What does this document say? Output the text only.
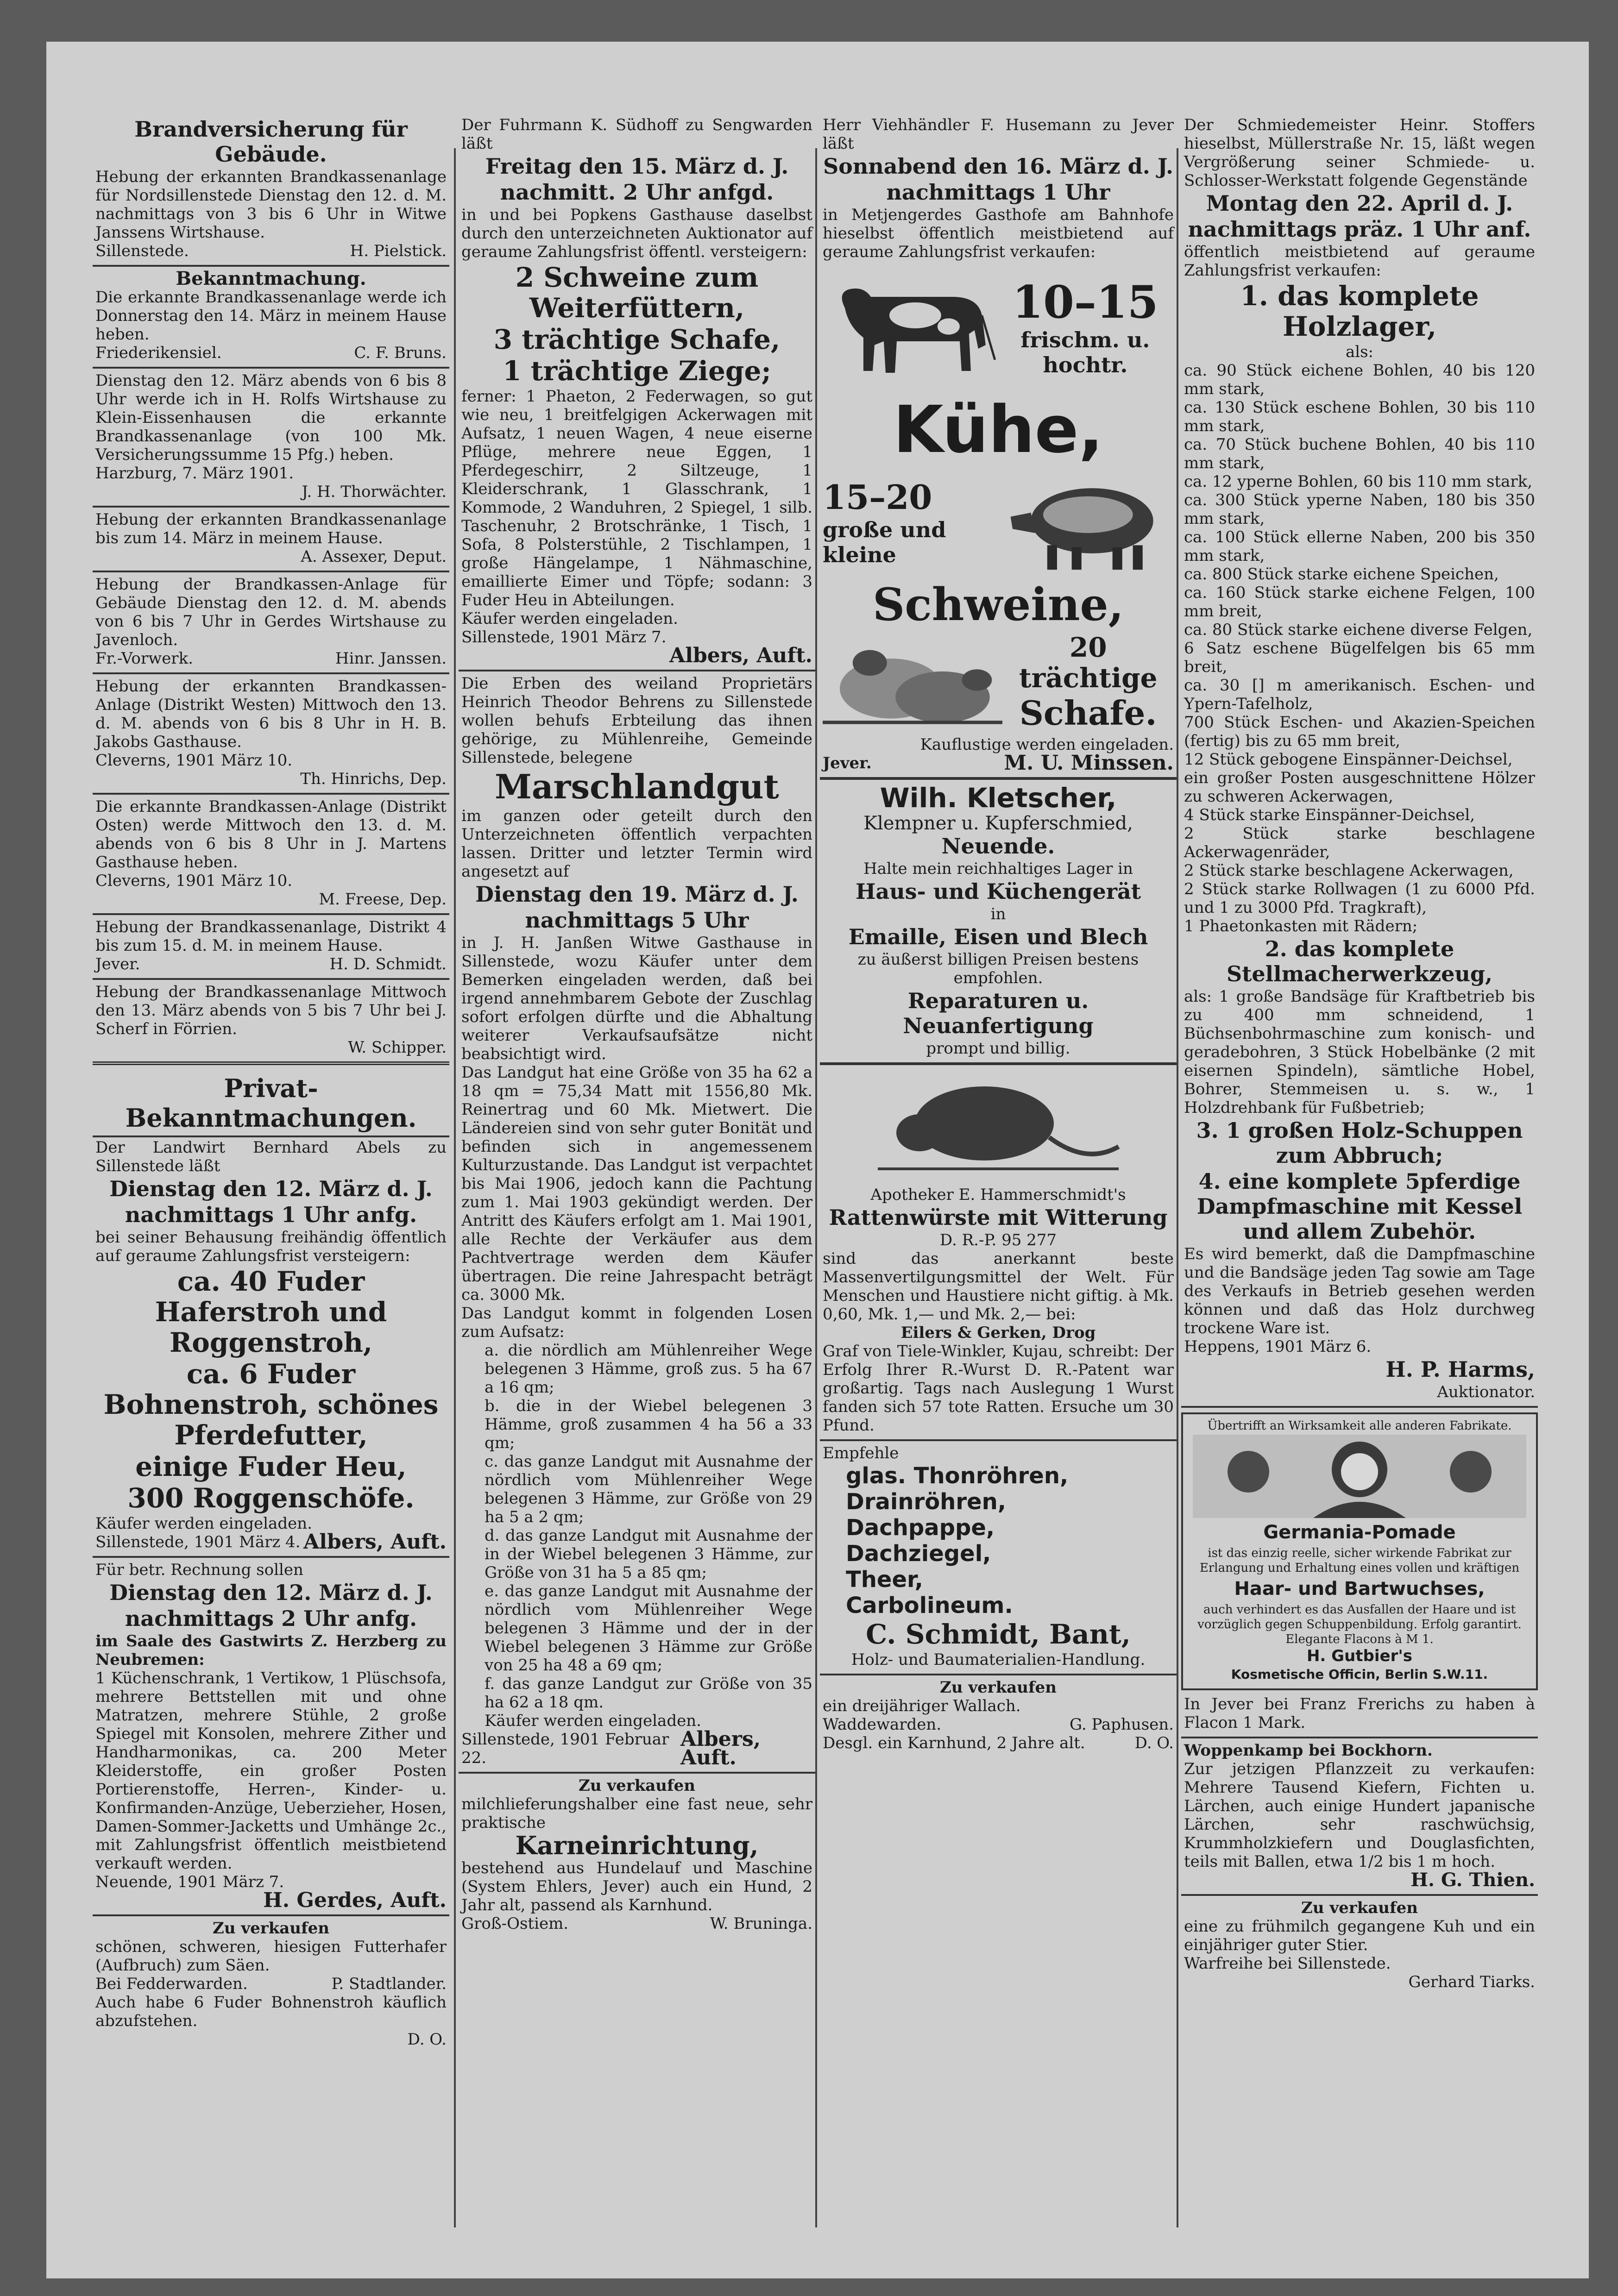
Brandversicherung für Gebäude.

Hebung der erkannten Brandkassenanlage für Nordsillenstede Dienstag den 12. d. M. nachmittags von 3 bis 6 Uhr in Witwe Janssens Wirtshause.

Sillenstede.	H. Pielstick.

Bekanntmachung.

Die erkannte Brandkassenanlage werde ich Donnerstag den 14. März in meinem Hause heben.

Friederikensiel.	C. F. Bruns.

Dienstag den 12. März abends von 6 bis 8 Uhr werde ich in H. Rolfs Wirtshause zu Klein-Eissenhausen die erkannte Brandkassenanlage (von 100 Mk. Versicherungssumme 15 Pfg.) heben.

Harzburg, 7. März 1901.

J. H. Thorwächter.

Hebung der erkannten Brandkassenanlage bis zum 14. März in meinem Hause.

A. Assexer, Deput.

Hebung der Brandkassen-Anlage für Gebäude Dienstag den 12. d. M. abends von 6 bis 7 Uhr in Gerdes Wirtshause zu Javenloch.

Fr.-Vorwerk.	Hinr. Janssen.

Hebung der erkannten Brandkassen-Anlage (Distrikt Westen) Mittwoch den 13. d. M. abends von 6 bis 8 Uhr in H. B. Jakobs Gasthause.

Cleverns, 1901 März 10.

Th. Hinrichs, Dep.

Die erkannte Brandkassen-Anlage (Distrikt Osten) werde Mittwoch den 13. d. M. abends von 6 bis 8 Uhr in J. Martens Gasthause heben.

Cleverns, 1901 März 10.

M. Freese, Dep.

Hebung der Brandkassenanlage, Distrikt 4 bis zum 15. d. M. in meinem Hause.

Jever.	H. D. Schmidt.

Hebung der Brandkassenanlage Mittwoch den 13. März abends von 5 bis 7 Uhr bei J. Scherf in Förrien.

W. Schipper.

Privat-Bekanntmachungen.

Der Landwirt Bernhard Abels zu Sillenstede läßt

Dienstag den 12. März d. J.

nachmittags 1 Uhr anfg.

bei seiner Behausung freihändig öffentlich auf geraume Zahlungsfrist versteigern:

ca. 40 Fuder Haferstroh und Roggenstroh,

ca. 6 Fuder Bohnenstroh, schönes Pferdefutter,

einige Fuder Heu,

300 Roggenschöfe.

Käufer werden eingeladen.

Sillenstede, 1901 März 4. Albers, Auft.

Für betr. Rechnung sollen

Dienstag den 12. März d. J.

nachmittags 2 Uhr anfg.

im Saale des Gastwirts Z. Herzberg zu Neubremen:

1 Küchenschrank, 1 Vertikow, 1 Plüschsofa, mehrere Bettstellen mit und ohne Matratzen, mehrere Stühle, 2 große Spiegel mit Konsolen, mehrere Zither und Handharmonikas, ca. 200 Meter Kleiderstoffe, ein großer Posten Portierenstoffe, Herren-, Kinder- u. Konfirmanden-Anzüge, Ueberzieher, Hosen, Damen-Sommer-Jacketts und Umhänge 2c., mit Zahlungsfrist öffentlich meistbietend verkauft werden.

Neuende, 1901 März 7.

H. Gerdes, Auft.

Zu verkaufen

schönen, schweren, hiesigen Futterhafer (Aufbruch) zum Säen.

Bei Fedderwarden.	P. Stadtlander.

Auch habe 6 Fuder Bohnenstroh käuflich abzufstehen.

D. O.

Der Fuhrmann K. Südhoff zu Sengwarden läßt

Freitag den 15. März d. J.

nachmitt. 2 Uhr anfgd.

in und bei Popkens Gasthause daselbst durch den unterzeichneten Auktionator auf geraume Zahlungsfrist öffentl. versteigern:

2 Schweine zum Weiterfüttern,

3 trächtige Schafe,

1 trächtige Ziege;

ferner: 1 Phaeton, 2 Federwagen, so gut wie neu, 1 breitfelgigen Ackerwagen mit Aufsatz, 1 neuen Wagen, 4 neue eiserne Pflüge, mehrere neue Eggen, 1 Pferdegeschirr, 2 Siltzeuge, 1 Kleiderschrank, 1 Glasschrank, 1 Kommode, 2 Wanduhren, 2 Spiegel, 1 silb. Taschenuhr, 2 Brotschränke, 1 Tisch, 1 Sofa, 8 Polsterstühle, 2 Tischlampen, 1 große Hängelampe, 1 Nähmaschine, emaillierte Eimer und Töpfe; sodann: 3 Fuder Heu in Abteilungen.

Käufer werden eingeladen.

Sillenstede, 1901 März 7.

Albers, Auft.

Die Erben des weiland Proprietärs Heinrich Theodor Behrens zu Sillenstede wollen behufs Erbteilung das ihnen gehörige, zu Mühlenreihe, Gemeinde Sillenstede, belegene

Marschlandgut

im ganzen oder geteilt durch den Unterzeichneten öffentlich verpachten lassen. Dritter und letzter Termin wird angesetzt auf

Dienstag den 19. März d. J.

nachmittags 5 Uhr

in J. H. Janßen Witwe Gasthause in Sillenstede, wozu Käufer unter dem Bemerken eingeladen werden, daß bei irgend annehmbarem Gebote der Zuschlag sofort erfolgen dürfte und die Abhaltung weiterer Verkaufsaufsätze nicht beabsichtigt wird.

Das Landgut hat eine Größe von 35 ha 62 a 18 qm = 75,34 Matt mit 1556,80 Mk. Reinertrag und 60 Mk. Mietwert. Die Ländereien sind von sehr guter Bonität und befinden sich in angemessenem Kulturzustande. Das Landgut ist verpachtet bis Mai 1906, jedoch kann die Pachtung zum 1. Mai 1903 gekündigt werden. Der Antritt des Käufers erfolgt am 1. Mai 1901, alle Rechte der Verkäufer aus dem Pachtvertrage werden dem Käufer übertragen. Die reine Jahrespacht beträgt ca. 3000 Mk.

Das Landgut kommt in folgenden Losen zum Aufsatz:

a. die nördlich am Mühlenreiher Wege belegenen 3 Hämme, groß zus. 5 ha 67 a 16 qm;

b. die in der Wiebel belegenen 3 Hämme, groß zusammen 4 ha 56 a 33 qm;

c. das ganze Landgut mit Ausnahme der nördlich vom Mühlenreiher Wege belegenen 3 Hämme, zur Größe von 29 ha 5 a 2 qm;

d. das ganze Landgut mit Ausnahme der in der Wiebel belegenen 3 Hämme, zur Größe von 31 ha 5 a 85 qm;

e. das ganze Landgut mit Ausnahme der nördlich vom Mühlenreiher Wege belegenen 3 Hämme und der in der Wiebel belegenen 3 Hämme zur Größe von 25 ha 48 a 69 qm;

f. das ganze Landgut zur Größe von 35 ha 62 a 18 qm.

Käufer werden eingeladen.

Sillenstede, 1901 Februar 22.
Albers, Auft.

Zu verkaufen

milchlieferungshalber eine fast neue, sehr praktische

Karneinrichtung,

bestehend aus Hundelauf und Maschine (System Ehlers, Jever) auch ein Hund, 2 Jahr alt, passend als Karnhund.

Groß-Ostiem.	W. Bruninga.

Herr Viehhändler F. Husemann zu Jever läßt

Sonnabend den 16. März d. J.

nachmittags 1 Uhr

in Metjengerdes Gasthofe am Bahnhofe hieselbst öffentlich meistbietend auf geraume Zahlungsfrist verkaufen:

10–15

frischm. u. hochtr.

Kühe,

15–20

große und kleine

Schweine,

20 trächtige

Schafe.

Kauflustige werden eingeladen.

Jever.	M. U. Minssen.

Wilh. Kletscher,

Klempner u. Kupferschmied,

Neuende.

Halte mein reichhaltiges Lager in

Haus- und Küchengerät

in

Emaille, Eisen und Blech

zu äußerst billigen Preisen bestens empfohlen.

Reparaturen u. Neuanfertigung

prompt und billig.

Apotheker E. Hammerschmidt's

Rattenwürste mit Witterung

D. R.-P. 95 277

sind das anerkannt beste Massenvertilgungsmittel der Welt. Für Menschen und Haustiere nicht giftig. à Mk. 0,60, Mk. 1,— und Mk. 2,— bei:

Eilers & Gerken, Drog

Graf von Tiele-Winkler, Kujau, schreibt: Der Erfolg Ihrer R.-Wurst D. R.-Patent war großartig. Tags nach Auslegung 1 Wurst fanden sich 57 tote Ratten. Ersuche um 30 Pfund.

Empfehle

glas. Thonröhren,

Drainröhren,

Dachpappe,

Dachziegel,

Theer,

Carbolineum.

C. Schmidt, Bant,

Holz- und Baumaterialien-Handlung.

Zu verkaufen

ein dreijähriger Wallach.

Waddewarden.	G. Paphusen.
Desgl. ein Karnhund, 2 Jahre alt.	D. O.

Der Schmiedemeister Heinr. Stoffers hieselbst, Müllerstraße Nr. 15, läßt wegen Vergrößerung seiner Schmiede- u. Schlosser-Werkstatt folgende Gegenstände

Montag den 22. April d. J.

nachmittags präz. 1 Uhr anf.

öffentlich meistbietend auf geraume Zahlungsfrist verkaufen:

1. das komplete Holzlager,

als:

ca. 90 Stück eichene Bohlen, 40 bis 120 mm stark,

ca. 130 Stück eschene Bohlen, 30 bis 110 mm stark,

ca. 70 Stück buchene Bohlen, 40 bis 110 mm stark,

ca. 12 yperne Bohlen, 60 bis 110 mm stark,

ca. 300 Stück yperne Naben, 180 bis 350 mm stark,

ca. 100 Stück ellerne Naben, 200 bis 350 mm stark,

ca. 800 Stück starke eichene Speichen,

ca. 160 Stück starke eichene Felgen, 100 mm breit,

ca. 80 Stück starke eichene diverse Felgen,

6 Satz eschene Bügelfelgen bis 65 mm breit,

ca. 30 [] m amerikanisch. Eschen- und Ypern-Tafelholz,

700 Stück Eschen- und Akazien-Speichen (fertig) bis zu 65 mm breit,

12 Stück gebogene Einspänner-Deichsel,

ein großer Posten ausgeschnittene Hölzer zu schweren Ackerwagen,

4 Stück starke Einspänner-Deichsel,

2 Stück starke beschlagene Ackerwagenräder,

2 Stück starke beschlagene Ackerwagen,

2 Stück starke Rollwagen (1 zu 6000 Pfd. und 1 zu 3000 Pfd. Tragkraft),

1 Phaetonkasten mit Rädern;

2. das komplete Stellmacherwerkzeug,

als: 1 große Bandsäge für Kraftbetrieb bis zu 400 mm schneidend, 1 Büchsenbohrmaschine zum konisch- und geradebohren, 3 Stück Hobelbänke (2 mit eisernen Spindeln), sämtliche Hobel, Bohrer, Stemmeisen u. s. w., 1 Holzdrehbank für Fußbetrieb;

3. 1 großen Holz-Schuppen zum Abbruch;

4. eine komplete 5pferdige Dampfmaschine mit Kessel und allem Zubehör.

Es wird bemerkt, daß die Dampfmaschine und die Bandsäge jeden Tag sowie am Tage des Verkaufs in Betrieb gesehen werden können und daß das Holz durchweg trockene Ware ist.

Heppens, 1901 März 6.

H. P. Harms,

Auktionator.

Übertrifft an Wirksamkeit alle anderen Fabrikate.

Germania-Pomade

ist das einzig reelle, sicher wirkende Fabrikat zur Erlangung und Erhaltung eines vollen und kräftigen

Haar- und Bartwuchses,

auch verhindert es das Ausfallen der Haare und ist vorzüglich gegen Schuppenbildung. Erfolg garantirt. Elegante Flacons à M 1.

H. Gutbier's

Kosmetische Officin, Berlin S.W.11.

In Jever bei Franz Frerichs zu haben à Flacon 1 Mark.

Woppenkamp bei Bockhorn.

Zur jetzigen Pflanzzeit zu verkaufen: Mehrere Tausend Kiefern, Fichten u. Lärchen, auch einige Hundert japanische Lärchen, sehr raschwüchsig, Krummholzkiefern und Douglasfichten, teils mit Ballen, etwa 1/2 bis 1 m hoch.

H. G. Thien.

Zu verkaufen

eine zu frühmilch gegangene Kuh und ein einjähriger guter Stier.

Warfreihe bei Sillenstede.

Gerhard Tiarks.
